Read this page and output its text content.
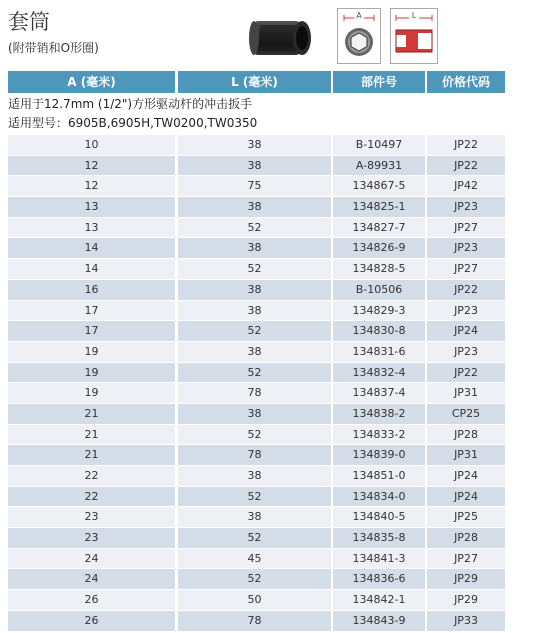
套筒
(附带销和O形圈)
A	L
A (毫米)	L (毫米)	部件号	价格代码
适用于12.7mm (1/2")方形驱动杆的冲击扳手
适用型号：6905B,6905H,TW0200,TW0350
10	38	B-10497	JP22
12	38	A-89931	JP22
12	75	134867-5	JP42
13	38	134825-1	JP23
13	52	134827-7	JP27
14	38	134826-9	JP23
14	52	134828-5	JP27
16	38	B-10506	JP22
17	38	134829-3	JP23
17	52	134830-8	JP24
19	38	134831-6	JP23
19	52	134832-4	JP22
19	78	134837-4	JP31
21	38	134838-2	CP25
21	52	134833-2	JP28
21	78	134839-0	JP31
22	38	134851-0	JP24
22	52	134834-0	JP24
23	38	134840-5	JP25
23	52	134835-8	JP28
24	45	134841-3	JP27
24	52	134836-6	JP29
26	50	134842-1	JP29
26	78	134843-9	JP33
